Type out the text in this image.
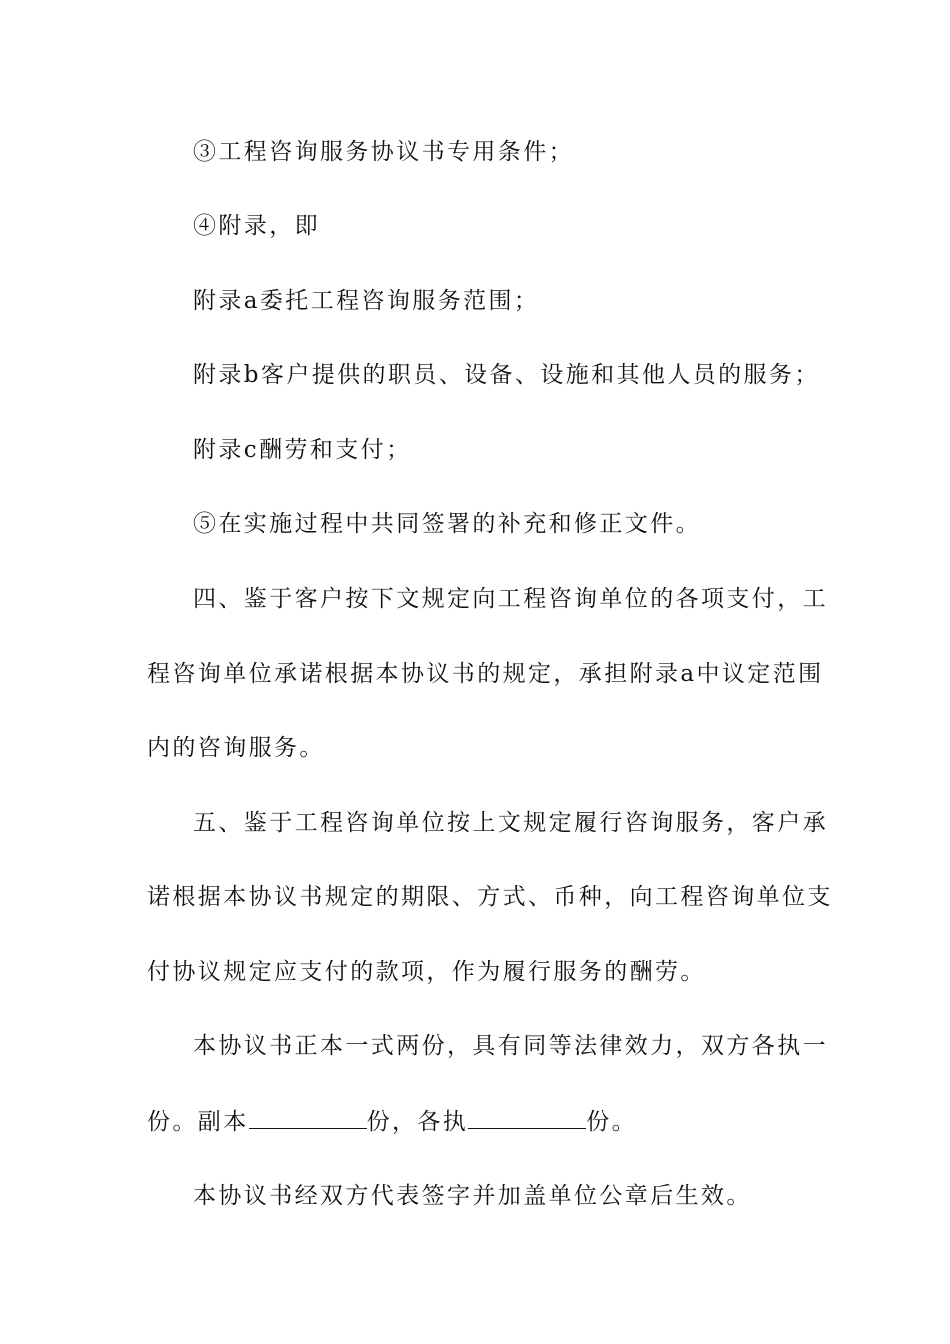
③工程咨询服务协议书专用条件；
④附录，即
附录a委托工程咨询服务范围；
附录b客户提供的职员、设备、设施和其他人员的服务；
附录c酬劳和支付；
⑤在实施过程中共同签署的补充和修正文件。
四、鉴于客户按下文规定向工程咨询单位的各项支付，工
程咨询单位承诺根据本协议书的规定，承担附录a中议定范围
内的咨询服务。
五、鉴于工程咨询单位按上文规定履行咨询服务，客户承
诺根据本协议书规定的期限、方式、币种，向工程咨询单位支
付协议规定应支付的款项，作为履行服务的酬劳。
本协议书正本一式两份，具有同等法律效力，双方各执一
份。副本	份，各执	份。
本协议书经双方代表签字并加盖单位公章后生效。
